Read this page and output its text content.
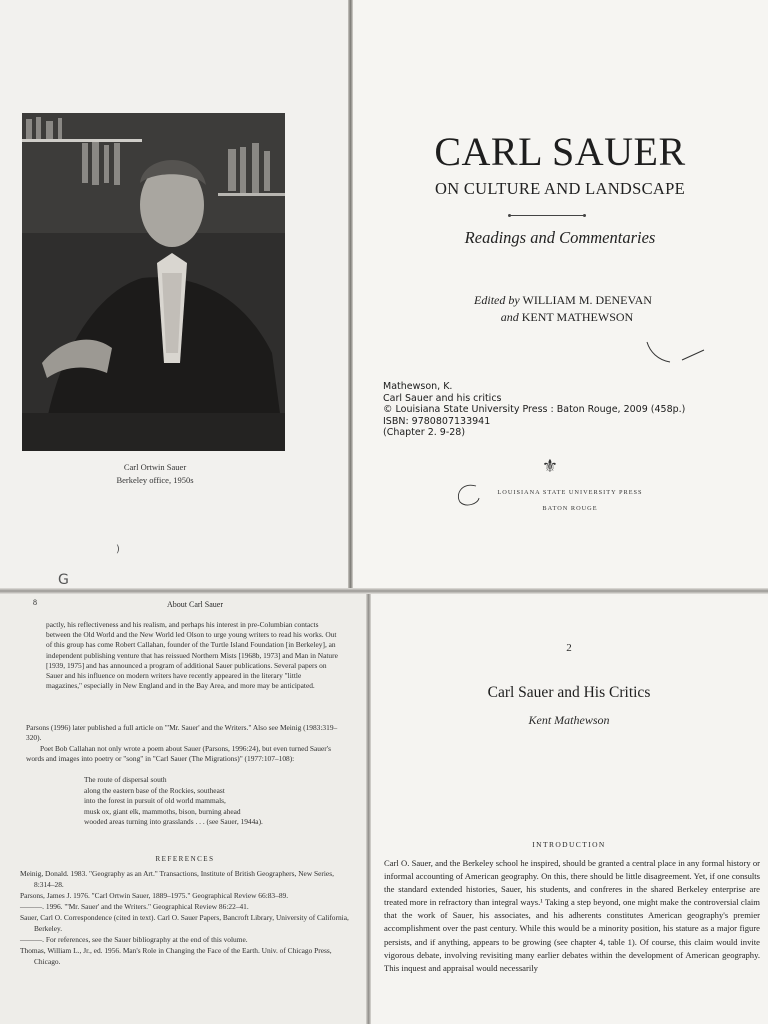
Carl Ortwin Sauer
Berkeley office, 1950s
)
G
CARL SAUER
ON CULTURE AND LANDSCAPE
Readings and Commentaries
Edited by WILLIAM M. DENEVAN
and KENT MATHEWSON
Mathewson, K.
Carl Sauer and his critics
© Louisiana State University Press : Baton Rouge, 2009 (458p.)
ISBN: 9780807133941
(Chapter 2. 9-28)
⚜
LOUISIANA STATE UNIVERSITY PRESS
BATON ROUGE
8	About Carl Sauer
pactly, his reflectiveness and his realism, and perhaps his interest in pre-Columbian contacts between the Old World and the New World led Olson to urge young writers to read his works. Out of this group has come Robert Callahan, founder of the Turtle Island Foundation [in Berkeley], an independent publishing venture that has reissued Northern Mists [1968b, 1973] and Man in Nature [1939, 1975] and has announced a program of additional Sauer publications. Several papers on Sauer and his influence on modern writers have recently appeared in the literary "little magazines," especially in New England and in the Bay Area, and more may be anticipated.
Parsons (1996) later published a full article on "'Mr. Sauer' and the Writers." Also see Meinig (1983:319–320).
Poet Bob Callahan not only wrote a poem about Sauer (Parsons, 1996:24), but even turned Sauer's words and images into poetry or "song" in "Carl Sauer (The Migrations)" (1977:107–108):
The route of dispersal south
along the eastern base of the Rockies, southeast
into the forest in pursuit of old world mammals,
musk ox, giant elk, mammoths, bison, burning ahead
wooded areas turning into grasslands . . . (see Sauer, 1944a).
REFERENCES

Meinig, Donald. 1983. "Geography as an Art." Transactions, Institute of British Geographers, New Series, 8:314–28.

Parsons, James J. 1976. "Carl Ortwin Sauer, 1889–1975." Geographical Review 66:83–89.

———. 1996. "'Mr. Sauer' and the Writers." Geographical Review 86:22–41.

Sauer, Carl O. Correspondence (cited in text). Carl O. Sauer Papers, Bancroft Library, University of California, Berkeley.

———. For references, see the Sauer bibliography at the end of this volume.

Thomas, William L., Jr., ed. 1956. Man's Role in Changing the Face of the Earth. Univ. of Chicago Press, Chicago.

2
Carl Sauer and His Critics
Kent Mathewson
INTRODUCTION
Carl O. Sauer, and the Berkeley school he inspired, should be granted a central place in any formal history or informal accounting of American geography. On this, there should be little disagreement. Yet, if one consults the standard extended histories, Sauer, his students, and confreres in the shared Berkeley enterprise are treated more in refractory than integral ways.¹ Taking a step beyond, one might make the controversial claim that the work of Sauer, his associates, and his adherents constitutes American geography's premier accomplishment over the past century. While this would be a minority position, his stature as a major figure persists, and if anything, appears to be growing (see chapter 4, table 1). Of course, this claim would invite vigorous debate, involving revisiting many earlier debates within the development of American geography. This inquest and appraisal would necessarily
